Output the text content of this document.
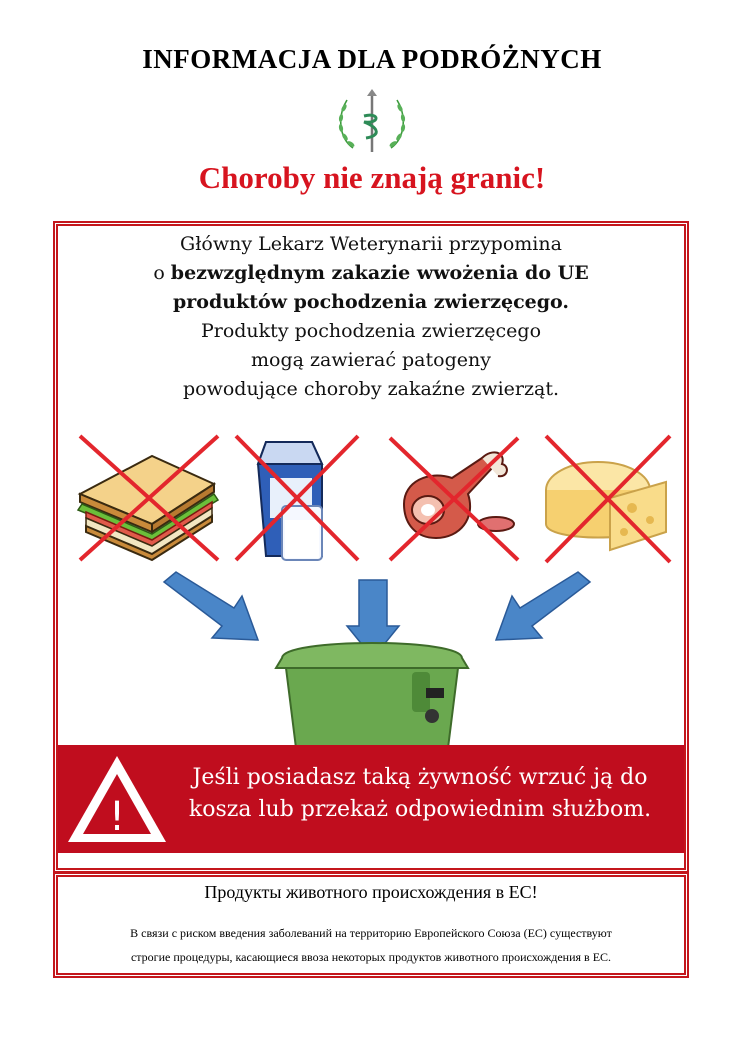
INFORMACJA DLA PODRÓŻNYCH
Choroby nie znają granic!
Główny Lekarz Weterynarii przypomina
o bezwzględnym zakazie wwożenia do UE
produktów pochodzenia zwierzęcego.
Produkty pochodzenia zwierzęcego
mogą zawierać patogeny
powodujące choroby zakaźne zwierząt.
!
Jeśli posiadasz taką żywność wrzuć ją do
kosza lub przekaż odpowiednim służbom.
Продукты животного происхождения в ЕС!
В связи с риском введения заболеваний на территорию Европейского Союза (ЕС) существуют
строгие процедуры, касающиеся ввоза некоторых продуктов животного происхождения в ЕС.
